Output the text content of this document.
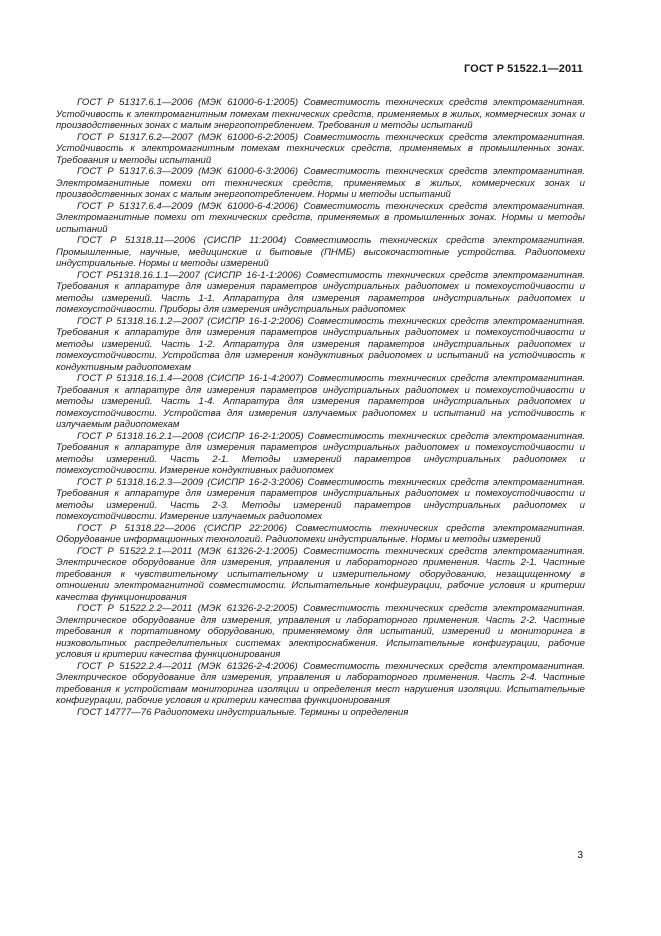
ГОСТ Р 51522.1—2011

ГОСТ Р 51317.6.1—2006 (МЭК 61000-6-1:2005) Совместимость технических средств электромагнитная. Устойчивость к электромагнитным помехам технических средств, применяемых в жилых, коммерческих зонах и производственных зонах с малым энергопотреблением. Требования и методы испытаний

ГОСТ Р 51317.6.2—2007 (МЭК 61000-6-2:2005) Совместимость технических средств электромагнитная. Устойчивость к электромагнитным помехам технических средств, применяемых в промышленных зонах. Требования и методы испытаний

ГОСТ Р 51317.6.3—2009 (МЭК 61000-6-3:2006) Совместимость технических средств электромагнитная. Электромагнитные помехи от технических средств, применяемых в жилых, коммерческих зонах и производственных зонах с малым энергопотреблением. Нормы и методы испытаний

ГОСТ Р 51317.6.4—2009 (МЭК 61000-6-4:2006) Совместимость технических средств электромагнитная. Электромагнитные помехи от технических средств, применяемых в промышленных зонах. Нормы и методы испытаний

ГОСТ Р 51318.11—2006 (СИСПР 11:2004) Совместимость технических средств электромагнитная. Промышленные, научные, медицинские и бытовые (ПНМБ) высокочастотные устройства. Радиопомехи индустриальные. Нормы и методы измерений

ГОСТ Р51318.16.1.1—2007 (СИСПР 16-1-1:2006) Совместимость технических средств электромагнитная. Требования к аппаратуре для измерения параметров индустриальных радиопомех и помехоустойчивости и методы измерений. Часть 1-1. Аппаратура для измерения параметров индустриальных радиопомех и помехоустойчивости. Приборы для измерения индустриальных радиопомех

ГОСТ Р 51318.16.1.2—2007 (СИСПР 16-1-2:2006) Совместимость технических средств электромагнитная. Требования к аппаратуре для измерения параметров индустриальных радиопомех и помехоустойчивости и методы измерений. Часть 1-2. Аппаратура для измерения параметров индустриальных радиопомех и помехоустойчивости. Устройства для измерения кондуктивных радиопомех и испытаний на устойчивость к кондуктивным радиопомехам

ГОСТ Р 51318.16.1.4—2008 (СИСПР 16-1-4:2007) Совместимость технических средств электромагнитная. Требования к аппаратуре для измерения параметров индустриальных радиопомех и помехоустойчивости и методы измерений. Часть 1-4. Аппаратура для измерения параметров индустриальных радиопомех и помехоустойчивости. Устройства для измерения излучаемых радиопомех и испытаний на устойчивость к излучаемым радиопомехам

ГОСТ Р 51318.16.2.1—2008 (СИСПР 16-2-1:2005) Совместимость технических средств электромагнитная. Требования к аппаратуре для измерения параметров индустриальных радиопомех и помехоустойчивости и методы измерений. Часть 2-1. Методы измерений параметров индустриальных радиопомех и помехоустойчивости. Измерение кондуктивных радиопомех

ГОСТ Р 51318.16.2.3—2009 (СИСПР 16-2-3:2006) Совместимость технических средств электромагнитная. Требования к аппаратуре для измерения параметров индустриальных радиопомех и помехоустойчивости и методы измерений. Часть 2-3. Методы измерений параметров индустриальных радиопомех и помехоустойчивости. Измерение излучаемых радиопомех

ГОСТ Р 51318.22—2006 (СИСПР 22:2006) Совместимость технических средств электромагнитная. Оборудование информационных технологий. Радиопомехи индустриальные. Нормы и методы измерений

ГОСТ Р 51522.2.1—2011 (МЭК 61326-2-1:2005) Совместимость технических средств электромагнитная. Электрическое оборудование для измерения, управления и лабораторного применения. Часть 2-1. Частные требования к чувствительному испытательному и измерительному оборудованию, незащищенному в отношении электромагнитной совместимости. Испытательные конфигурации, рабочие условия и критерии качества функционирования

ГОСТ Р 51522.2.2—2011 (МЭК 61326-2-2:2005) Совместимость технических средств электромагнитная. Электрическое оборудование для измерения, управления и лабораторного применения. Часть 2-2. Частные требования к портативному оборудованию, применяемому для испытаний, измерений и мониторинга в низковольтных распределительных системах электроснабжения. Испытательные конфигурации, рабочие условия и критерии качества функционирования

ГОСТ Р 51522.2.4—2011 (МЭК 61326-2-4:2006) Совместимость технических средств электромагнитная. Электрическое оборудование для измерения, управления и лабораторного применения. Часть 2-4. Частные требования к устройствам мониторинга изоляции и определения мест нарушения изоляции. Испытательные конфигурации, рабочие условия и критерии качества функционирования

ГОСТ 14777—76 Радиопомехи индустриальные. Термины и определения

3
